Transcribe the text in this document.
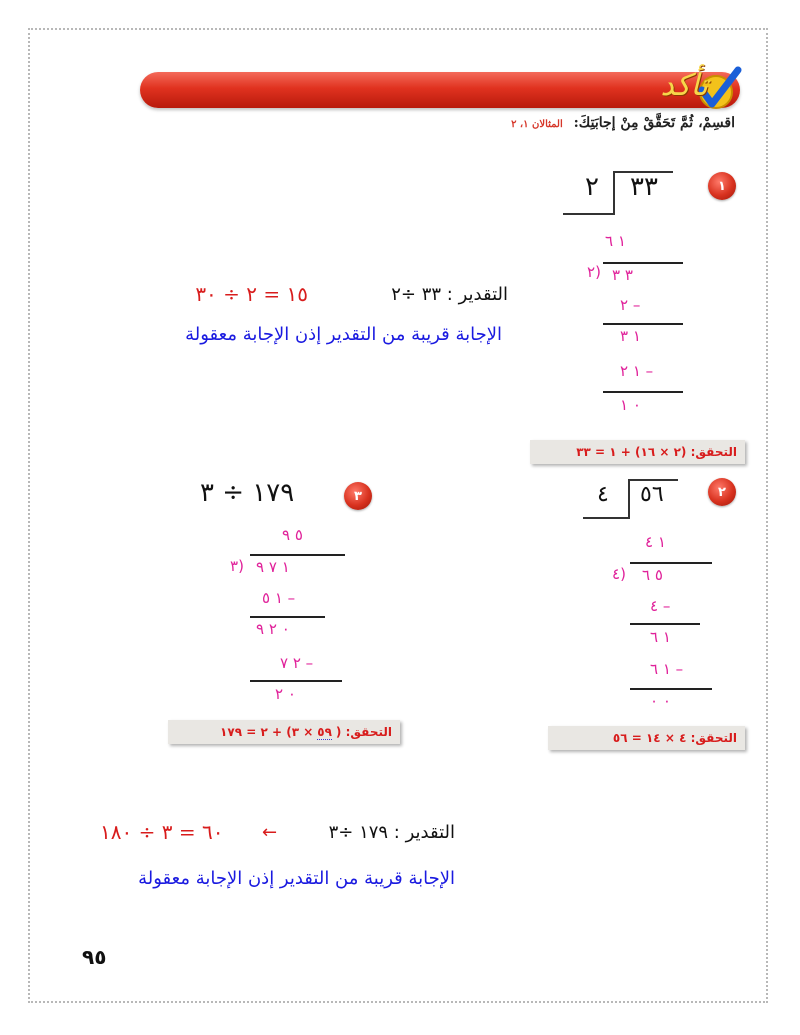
تأكد
اقسِمْ، ثُمَّ تَحَقَّقْ مِنْ إجابَتِكَ: المثالان ١، ٢
١
٢ ٣٣
١ ٦
٢) ٣ ٣
٢ –
١ ٣
١ ٢ –
٠ ١
١٥ = ٢ ÷ ٣٠	التقدير : ٣٣ ÷٢
الإجابة قريبة من التقدير إذن الإجابة معقولة
التحقق: (٢ × ١٦) + ١ = ٣٣
٢
٤ ٥٦
١ ٤
٤) ٥ ٦
٤ –
١ ٦
١ ٦ –
٠ ٠
التحقق: ٤ × ١٤ = ٥٦
٣
١٧٩ ÷ ٣
٥ ٩
٣) ١ ٧ ٩
١ ٥ –
٠ ٢ ٩
٢ ٧ –
٠ ٢
التحقق: (
٥٩
× ٣) + ٢ = ١٧٩
التقدير : ١٧٩ ÷٣
←
٦٠ = ٣ ÷ ١٨٠
الإجابة قريبة من التقدير إذن الإجابة معقولة
٩٥
